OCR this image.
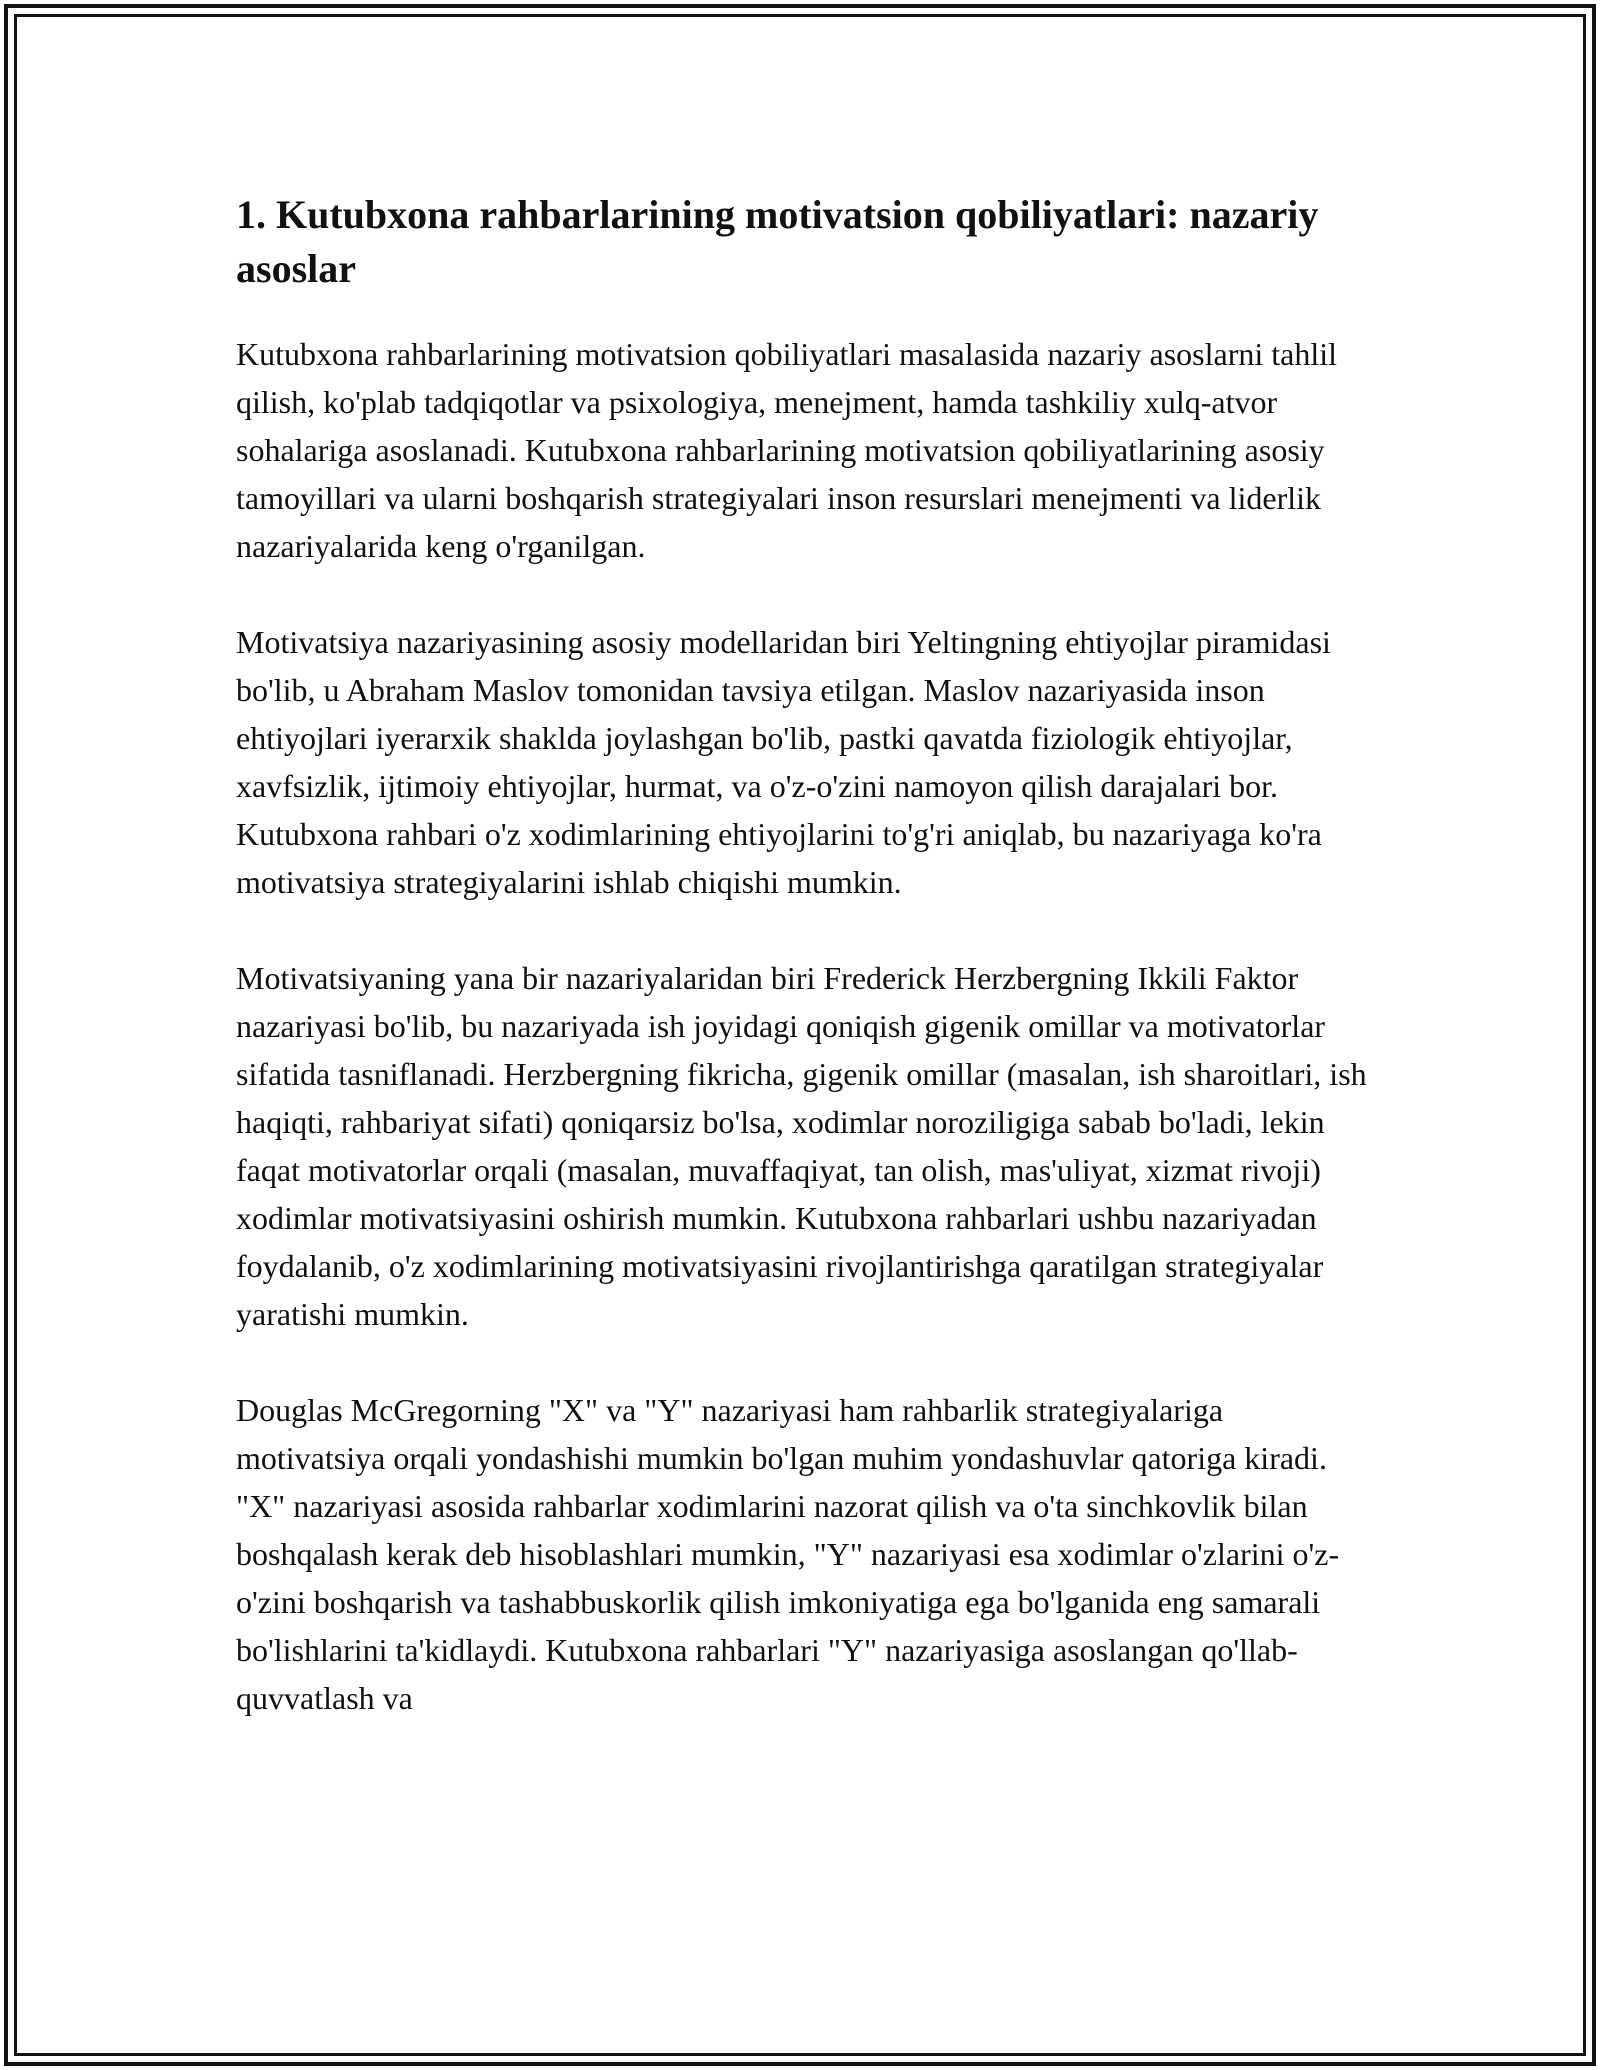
1. Kutubxona rahbarlarining motivatsion qobiliyatlari: nazariy asoslar

Kutubxona rahbarlarining motivatsion qobiliyatlari masalasida nazariy asoslarni tahlil qilish, ko'plab tadqiqotlar va psixologiya, menejment, hamda tashkiliy xulq-atvor sohalariga asoslanadi. Kutubxona rahbarlarining motivatsion qobiliyatlarining asosiy tamoyillari va ularni boshqarish strategiyalari inson resurslari menejmenti va liderlik nazariyalarida keng o'rganilgan.

Motivatsiya nazariyasining asosiy modellaridan biri Yeltingning ehtiyojlar piramidasi bo'lib, u Abraham Maslov tomonidan tavsiya etilgan. Maslov nazariyasida inson ehtiyojlari iyerarxik shaklda joylashgan bo'lib, pastki qavatda fiziologik ehtiyojlar, xavfsizlik, ijtimoiy ehtiyojlar, hurmat, va o'z-o'zini namoyon qilish darajalari bor. Kutubxona rahbari o'z xodimlarining ehtiyojlarini to'g'ri aniqlab, bu nazariyaga ko'ra motivatsiya strategiyalarini ishlab chiqishi mumkin.

Motivatsiyaning yana bir nazariyalaridan biri Frederick Herzbergning Ikkili Faktor nazariyasi bo'lib, bu nazariyada ish joyidagi qoniqish gigenik omillar va motivatorlar sifatida tasniflanadi. Herzbergning fikricha, gigenik omillar (masalan, ish sharoitlari, ish haqiqti, rahbariyat sifati) qoniqarsiz bo'lsa, xodimlar noroziligiga sabab bo'ladi, lekin faqat motivatorlar orqali (masalan, muvaffaqiyat, tan olish, mas'uliyat, xizmat rivoji) xodimlar motivatsiyasini oshirish mumkin. Kutubxona rahbarlari ushbu nazariyadan foydalanib, o'z xodimlarining motivatsiyasini rivojlantirishga qaratilgan strategiyalar yaratishi mumkin.

Douglas McGregorning "X" va "Y" nazariyasi ham rahbarlik strategiyalariga motivatsiya orqali yondashishi mumkin bo'lgan muhim yondashuvlar qatoriga kiradi. "X" nazariyasi asosida rahbarlar xodimlarini nazorat qilish va o'ta sinchkovlik bilan boshqalash kerak deb hisoblashlari mumkin, "Y" nazariyasi esa xodimlar o'zlarini o'z-o'zini boshqarish va tashabbuskorlik qilish imkoniyatiga ega bo'lganida eng samarali bo'lishlarini ta'kidlaydi. Kutubxona rahbarlari "Y" nazariyasiga asoslangan qo'llab-quvvatlash va
